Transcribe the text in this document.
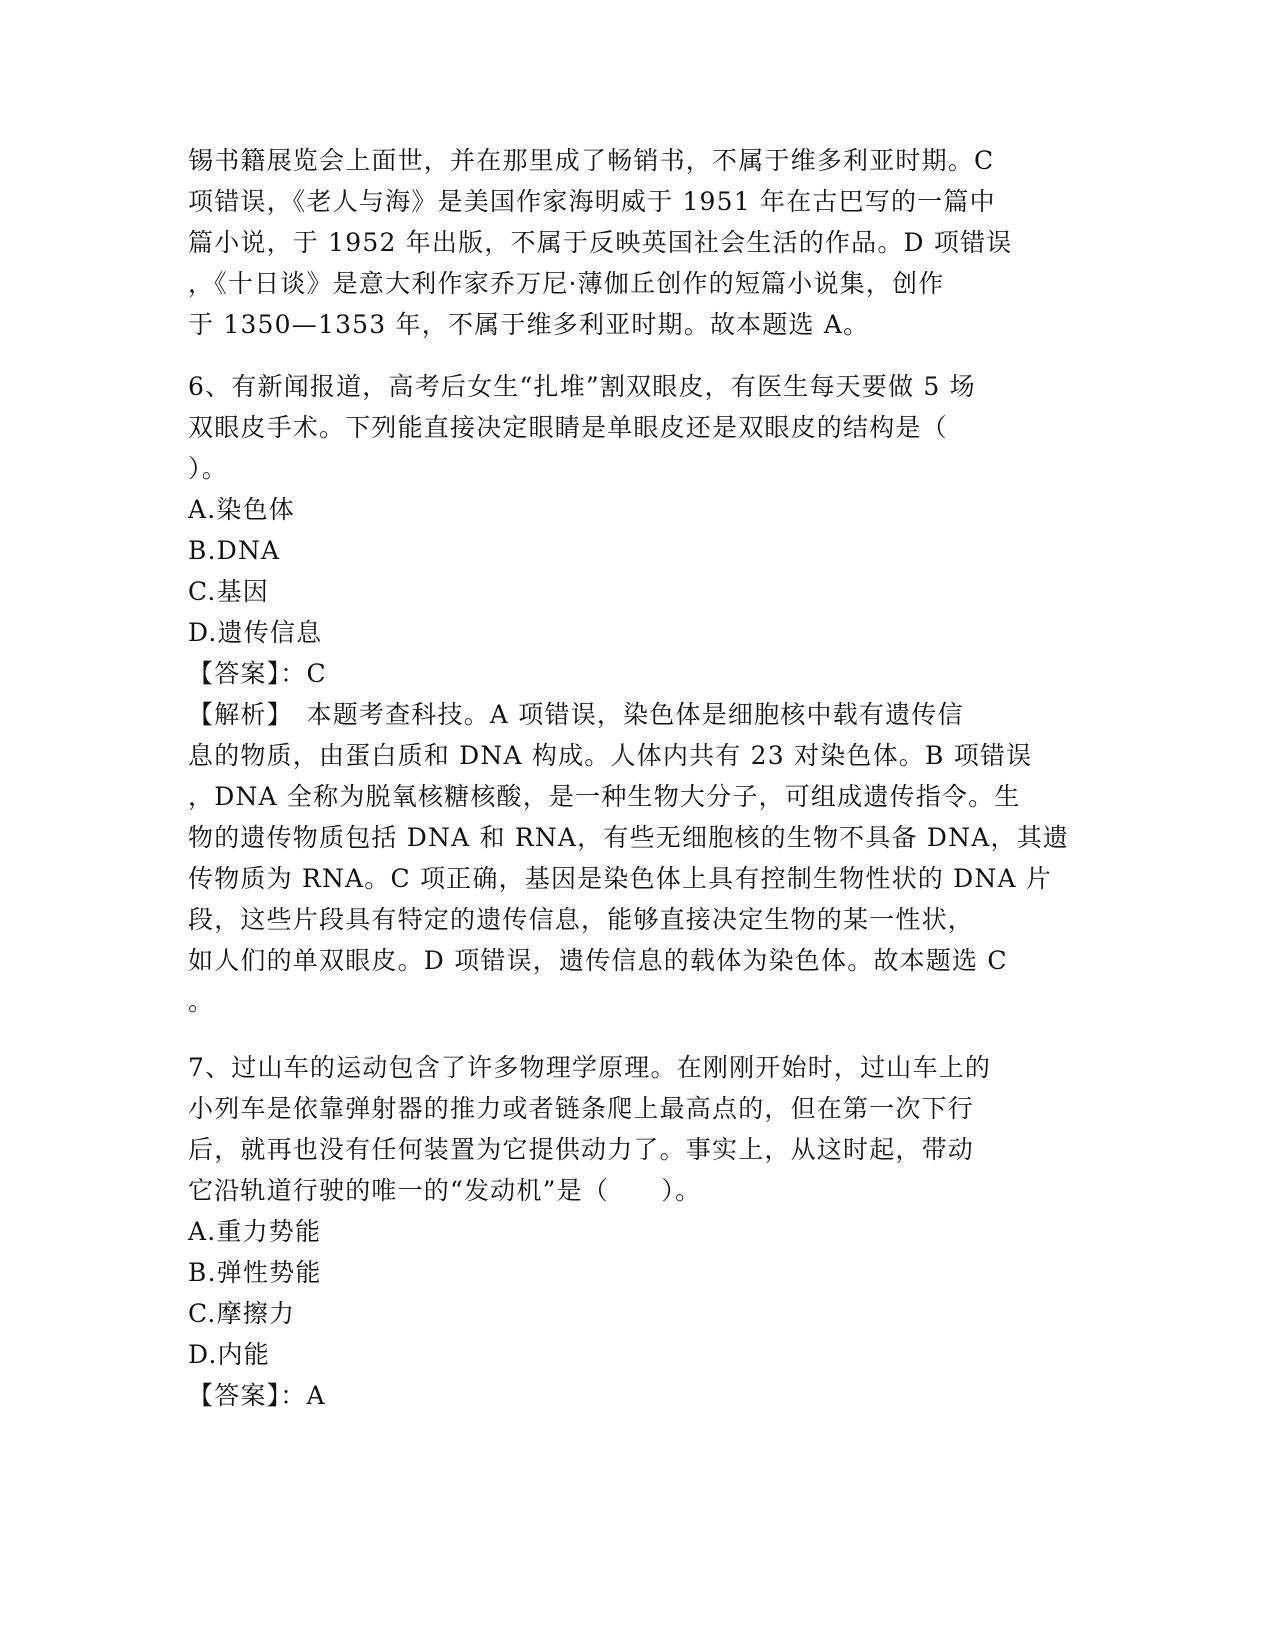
锡书籍展览会上面世，并在那里成了畅销书，不属于维多利亚时期。C
项错误，《老人与海》是美国作家海明威于 1951 年在古巴写的一篇中
篇小说，于 1952 年出版，不属于反映英国社会生活的作品。D 项错误
，《十日谈》是意大利作家乔万尼·薄伽丘创作的短篇小说集，创作
于 1350—1353 年，不属于维多利亚时期。故本题选 A。
6、有新闻报道，高考后女生“扎堆”割双眼皮，有医生每天要做 5 场
双眼皮手术。下列能直接决定眼睛是单眼皮还是双眼皮的结构是（
）。
A.染色体
B.DNA
C.基因
D.遗传信息
【答案】：C
【解析】　本题考查科技。A 项错误，染色体是细胞核中载有遗传信
息的物质，由蛋白质和 DNA 构成。人体内共有 23 对染色体。B 项错误
，DNA 全称为脱氧核糖核酸，是一种生物大分子，可组成遗传指令。生
物的遗传物质包括 DNA 和 RNA，有些无细胞核的生物不具备 DNA，其遗
传物质为 RNA。C 项正确，基因是染色体上具有控制生物性状的 DNA 片
段，这些片段具有特定的遗传信息，能够直接决定生物的某一性状，
如人们的单双眼皮。D 项错误，遗传信息的载体为染色体。故本题选 C
。
7、过山车的运动包含了许多物理学原理。在刚刚开始时，过山车上的
小列车是依靠弹射器的推力或者链条爬上最高点的，但在第一次下行
后，就再也没有任何装置为它提供动力了。事实上，从这时起，带动
它沿轨道行驶的唯一的“发动机”是（　　）。
A.重力势能
B.弹性势能
C.摩擦力
D.内能
【答案】：A
